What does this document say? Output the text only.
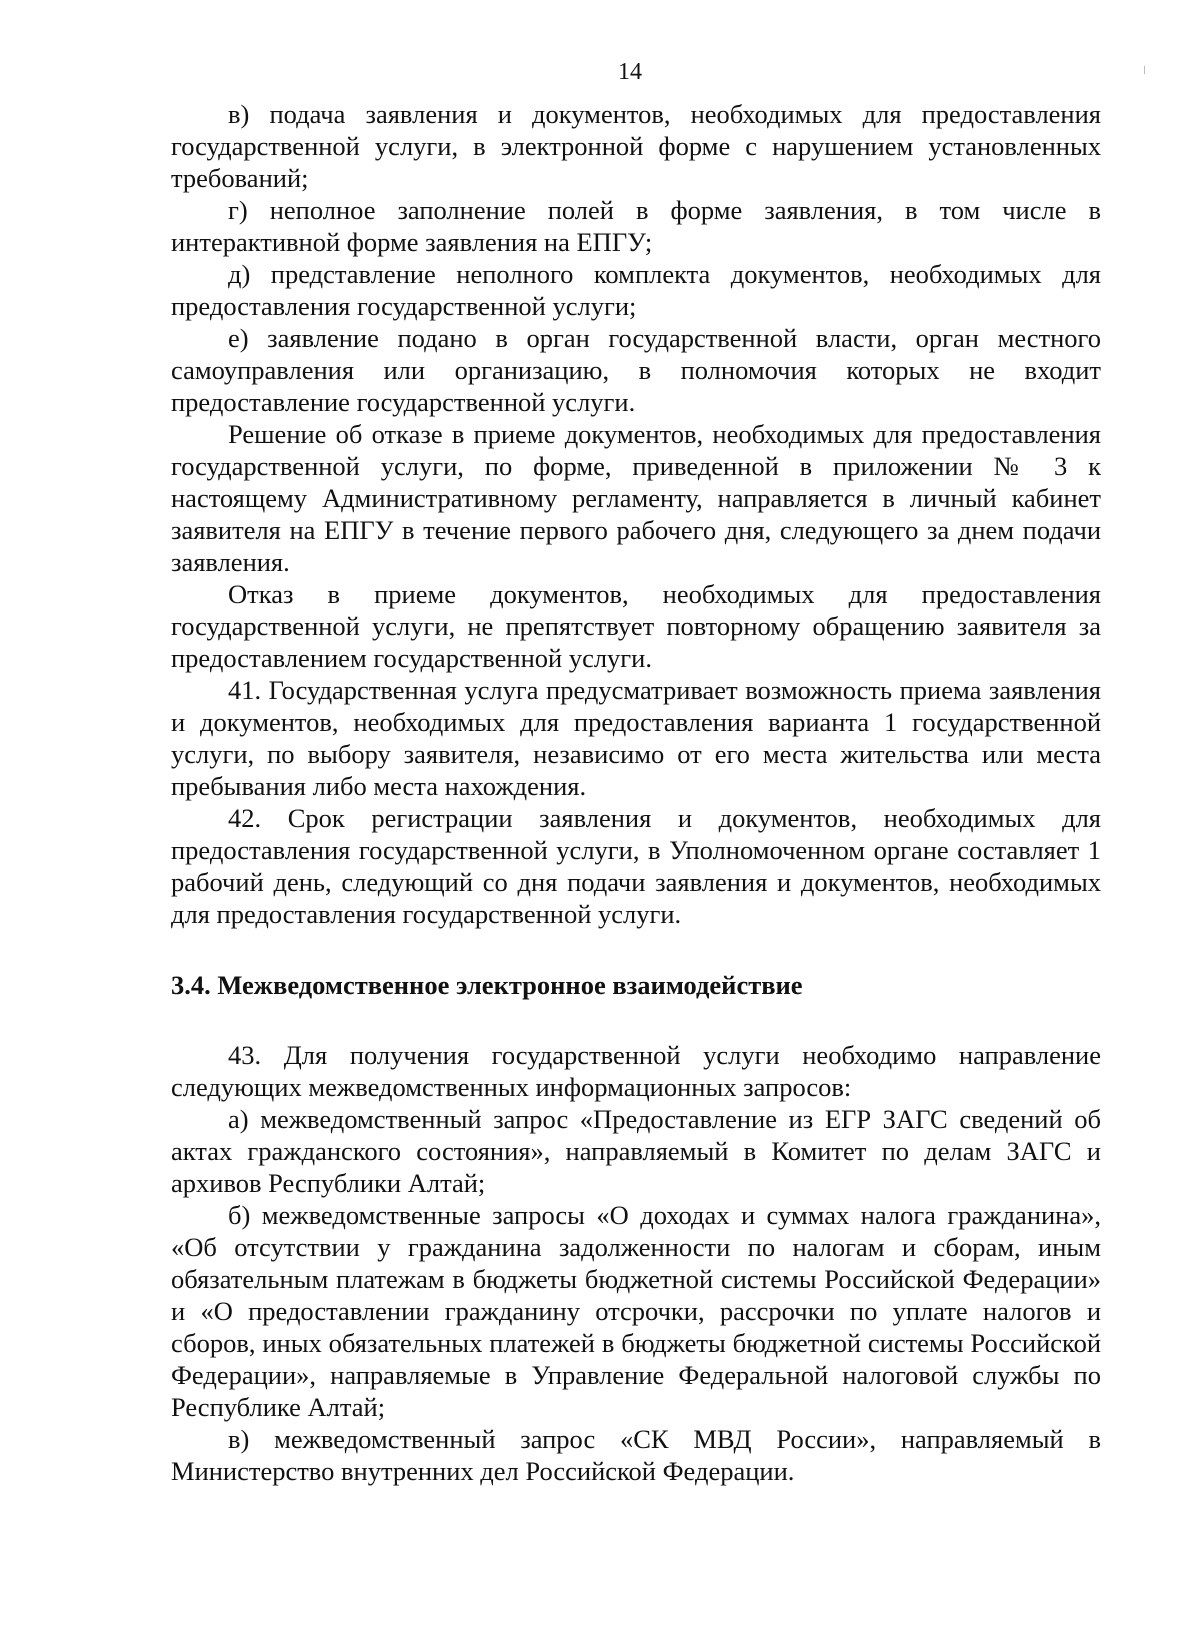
14

в) подача заявления и документов, необходимых для предоставления государственной услуги, в электронной форме с нарушением установленных требований;

г) неполное заполнение полей в форме заявления, в том числе в интерактивной форме заявления на ЕПГУ;

д) представление неполного комплекта документов, необходимых для предоставления государственной услуги;

е) заявление подано в орган государственной власти, орган местного самоуправления или организацию, в полномочия которых не входит предоставление государственной услуги.

Решение об отказе в приеме документов, необходимых для предоставления государственной услуги, по форме, приведенной в приложении № 3 к настоящему Административному регламенту, направляется в личный кабинет заявителя на ЕПГУ в течение первого рабочего дня, следующего за днем подачи заявления.

Отказ в приеме документов, необходимых для предоставления государственной услуги, не препятствует повторному обращению заявителя за предоставлением государственной услуги.

41. Государственная услуга предусматривает возможность приема заявления и документов, необходимых для предоставления варианта 1 государственной услуги, по выбору заявителя, независимо от его места жительства или места пребывания либо места нахождения.

42. Срок регистрации заявления и документов, необходимых для предоставления государственной услуги, в Уполномоченном органе составляет 1 рабочий день, следующий со дня подачи заявления и документов, необходимых для предоставления государственной услуги.

3.4. Межведомственное электронное взаимодействие

43. Для получения государственной услуги необходимо направление следующих межведомственных информационных запросов:

а) межведомственный запрос «Предоставление из ЕГР ЗАГС сведений об актах гражданского состояния», направляемый в Комитет по делам ЗАГС и архивов Республики Алтай;

б) межведомственные запросы «О доходах и суммах налога гражданина», «Об отсутствии у гражданина задолженности по налогам и сборам, иным обязательным платежам в бюджеты бюджетной системы Российской Федерации» и «О предоставлении гражданину отсрочки, рассрочки по уплате налогов и сборов, иных обязательных платежей в бюджеты бюджетной системы Российской Федерации», направляемые в Управление Федеральной налоговой службы по Республике Алтай;

в) межведомственный запрос «СК МВД России», направляемый в Министерство внутренних дел Российской Федерации.
